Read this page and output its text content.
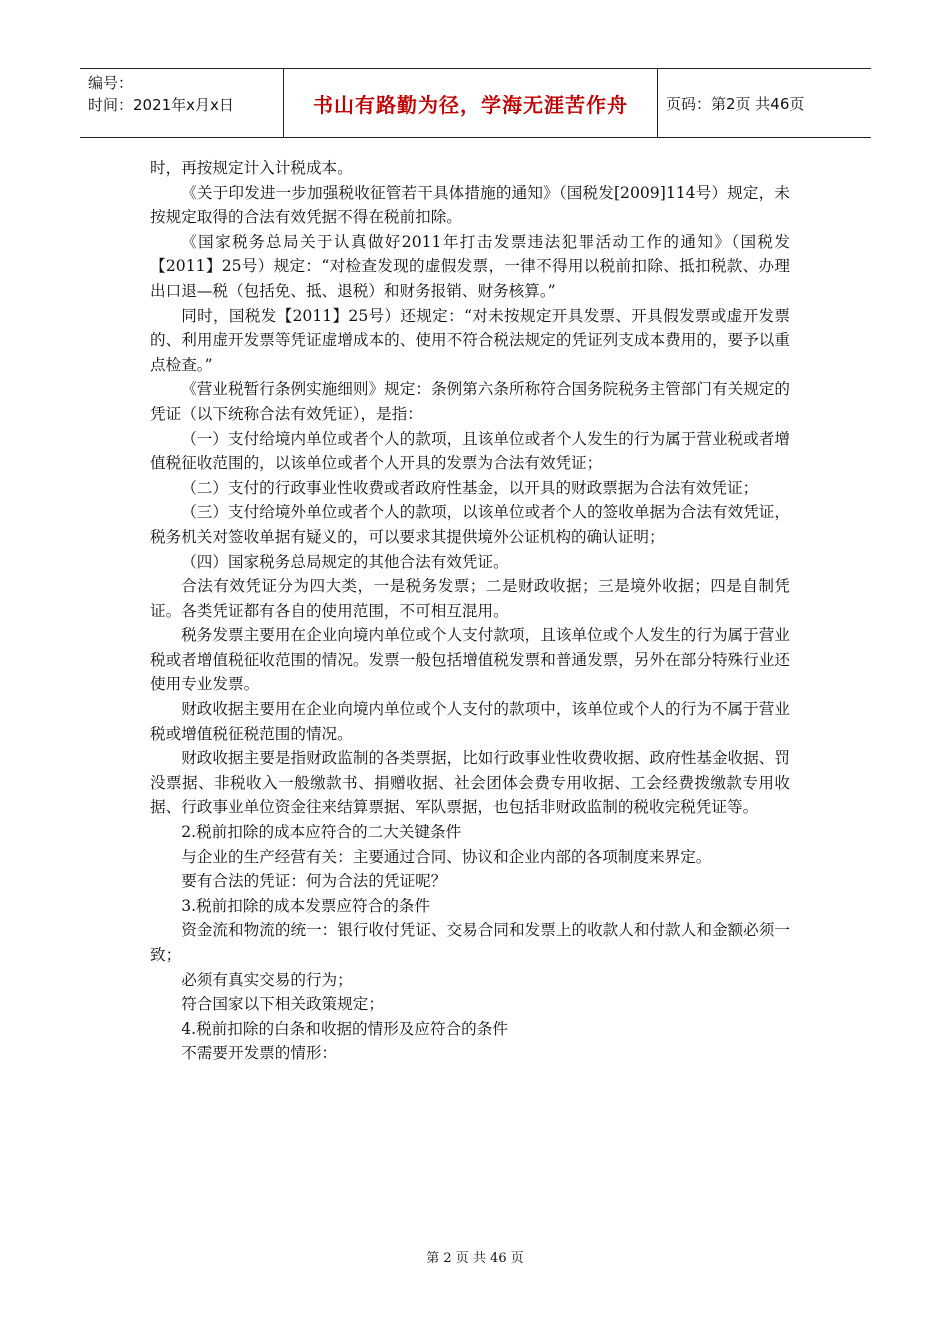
编号：
时间：2021年x月x日	书山有路勤为径，学海无涯苦作舟	页码：第2页 共46页

时，再按规定计入计税成本。

《关于印发进一步加强税收征管若干具体措施的通知》（国税发[2009]114号）规定，未按规定取得的合法有效凭据不得在税前扣除。

《国家税务总局关于认真做好2011年打击发票违法犯罪活动工作的通知》（国税发【2011】25号）规定：“对检查发现的虚假发票，一律不得用以税前扣除、抵扣税款、办理出口退—税（包括免、抵、退税）和财务报销、财务核算。”

同时，国税发【2011】25号）还规定：“对未按规定开具发票、开具假发票或虚开发票的、利用虚开发票等凭证虚增成本的、使用不符合税法规定的凭证列支成本费用的，要予以重点检查。”

《营业税暂行条例实施细则》规定：条例第六条所称符合国务院税务主管部门有关规定的凭证（以下统称合法有效凭证），是指：

（一）支付给境内单位或者个人的款项，且该单位或者个人发生的行为属于营业税或者增值税征收范围的，以该单位或者个人开具的发票为合法有效凭证；

（二）支付的行政事业性收费或者政府性基金，以开具的财政票据为合法有效凭证；

（三）支付给境外单位或者个人的款项，以该单位或者个人的签收单据为合法有效凭证，税务机关对签收单据有疑义的，可以要求其提供境外公证机构的确认证明；

（四）国家税务总局规定的其他合法有效凭证。

合法有效凭证分为四大类，一是税务发票；二是财政收据；三是境外收据；四是自制凭证。各类凭证都有各自的使用范围，不可相互混用。

税务发票主要用在企业向境内单位或个人支付款项，且该单位或个人发生的行为属于营业税或者增值税征收范围的情况。发票一般包括增值税发票和普通发票，另外在部分特殊行业还使用专业发票。

财政收据主要用在企业向境内单位或个人支付的款项中，该单位或个人的行为不属于营业税或增值税征税范围的情况。

财政收据主要是指财政监制的各类票据，比如行政事业性收费收据、政府性基金收据、罚没票据、非税收入一般缴款书、捐赠收据、社会团体会费专用收据、工会经费拨缴款专用收据、行政事业单位资金往来结算票据、军队票据，也包括非财政监制的税收完税凭证等。

2.税前扣除的成本应符合的二大关键条件

与企业的生产经营有关：主要通过合同、协议和企业内部的各项制度来界定。

要有合法的凭证：何为合法的凭证呢？

3.税前扣除的成本发票应符合的条件

资金流和物流的统一：银行收付凭证、交易合同和发票上的收款人和付款人和金额必须一致；

必须有真实交易的行为；

符合国家以下相关政策规定；

4.税前扣除的白条和收据的情形及应符合的条件

不需要开发票的情形：

第 2 页 共 46 页
